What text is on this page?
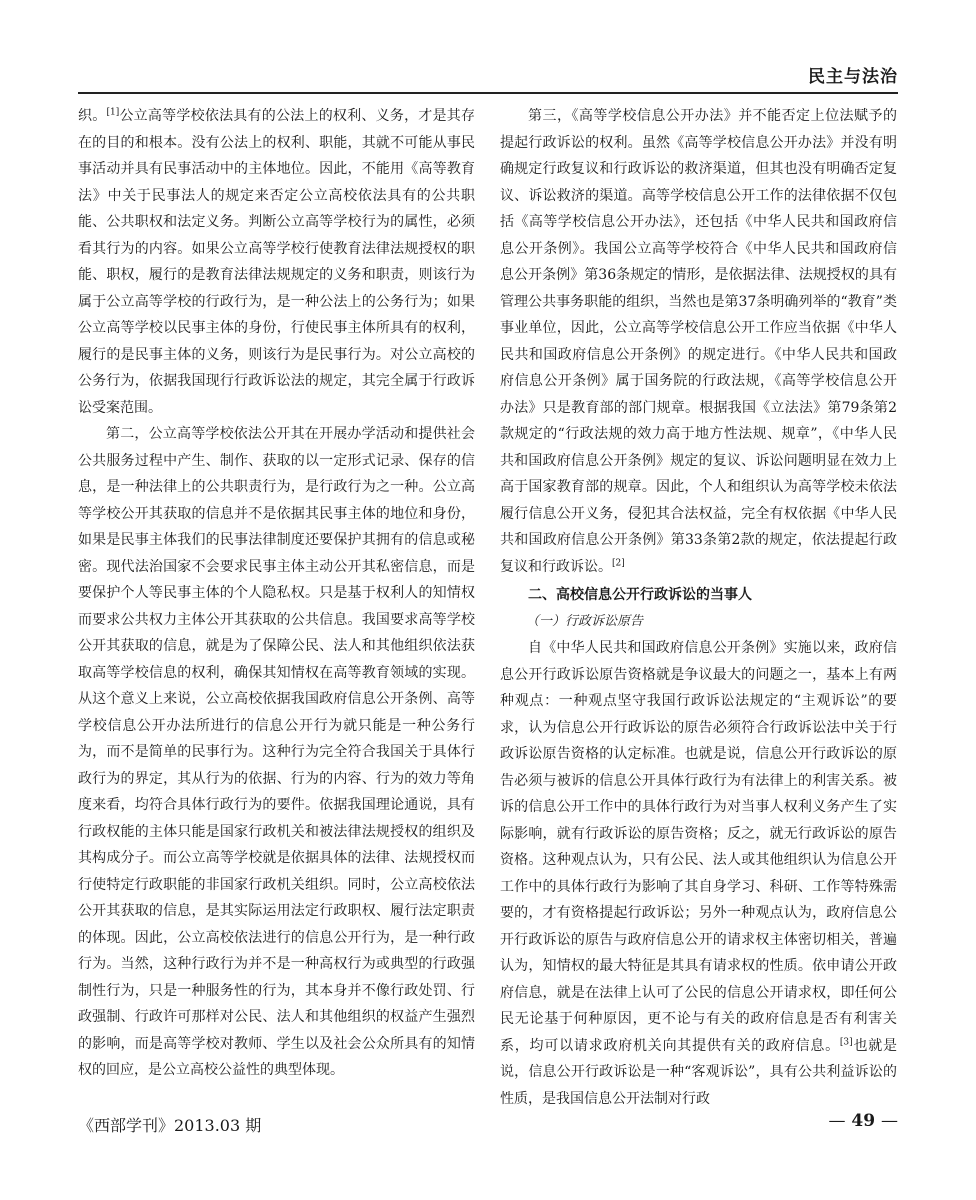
民主与法治

织。[1]公立高等学校依法具有的公法上的权利、义务，才是其存在的目的和根本。没有公法上的权利、职能，其就不可能从事民事活动并具有民事活动中的主体地位。因此，不能用《高等教育法》中关于民事法人的规定来否定公立高校依法具有的公共职能、公共职权和法定义务。判断公立高等学校行为的属性，必须看其行为的内容。如果公立高等学校行使教育法律法规授权的职能、职权，履行的是教育法律法规规定的义务和职责，则该行为属于公立高等学校的行政行为，是一种公法上的公务行为；如果公立高等学校以民事主体的身份，行使民事主体所具有的权利，履行的是民事主体的义务，则该行为是民事行为。对公立高校的公务行为，依据我国现行行政诉讼法的规定，其完全属于行政诉讼受案范围。

第二，公立高等学校依法公开其在开展办学活动和提供社会公共服务过程中产生、制作、获取的以一定形式记录、保存的信息，是一种法律上的公共职责行为，是行政行为之一种。公立高等学校公开其获取的信息并不是依据其民事主体的地位和身份，如果是民事主体我们的民事法律制度还要保护其拥有的信息或秘密。现代法治国家不会要求民事主体主动公开其私密信息，而是要保护个人等民事主体的个人隐私权。只是基于权利人的知情权而要求公共权力主体公开其获取的公共信息。我国要求高等学校公开其获取的信息，就是为了保障公民、法人和其他组织依法获取高等学校信息的权利，确保其知情权在高等教育领域的实现。从这个意义上来说，公立高校依据我国政府信息公开条例、高等学校信息公开办法所进行的信息公开行为就只能是一种公务行为，而不是简单的民事行为。这种行为完全符合我国关于具体行政行为的界定，其从行为的依据、行为的内容、行为的效力等角度来看，均符合具体行政行为的要件。依据我国理论通说，具有行政权能的主体只能是国家行政机关和被法律法规授权的组织及其构成分子。而公立高等学校就是依据具体的法律、法规授权而行使特定行政职能的非国家行政机关组织。同时，公立高校依法公开其获取的信息，是其实际运用法定行政职权、履行法定职责的体现。因此，公立高校依法进行的信息公开行为，是一种行政行为。当然，这种行政行为并不是一种高权行为或典型的行政强制性行为，只是一种服务性的行为，其本身并不像行政处罚、行政强制、行政许可那样对公民、法人和其他组织的权益产生强烈的影响，而是高等学校对教师、学生以及社会公众所具有的知情权的回应，是公立高校公益性的典型体现。

第三，《高等学校信息公开办法》并不能否定上位法赋予的提起行政诉讼的权利。虽然《高等学校信息公开办法》并没有明确规定行政复议和行政诉讼的救济渠道，但其也没有明确否定复议、诉讼救济的渠道。高等学校信息公开工作的法律依据不仅包括《高等学校信息公开办法》，还包括《中华人民共和国政府信息公开条例》。我国公立高等学校符合《中华人民共和国政府信息公开条例》第36条规定的情形，是依据法律、法规授权的具有管理公共事务职能的组织，当然也是第37条明确列举的“教育”类事业单位，因此，公立高等学校信息公开工作应当依据《中华人民共和国政府信息公开条例》的规定进行。《中华人民共和国政府信息公开条例》属于国务院的行政法规，《高等学校信息公开办法》只是教育部的部门规章。根据我国《立法法》第79条第2款规定的“行政法规的效力高于地方性法规、规章”，《中华人民共和国政府信息公开条例》规定的复议、诉讼问题明显在效力上高于国家教育部的规章。因此，个人和组织认为高等学校未依法履行信息公开义务，侵犯其合法权益，完全有权依据《中华人民共和国政府信息公开条例》第33条第2款的规定，依法提起行政复议和行政诉讼。[2]

二、高校信息公开行政诉讼的当事人
（一）行政诉讼原告

自《中华人民共和国政府信息公开条例》实施以来，政府信息公开行政诉讼原告资格就是争议最大的问题之一，基本上有两种观点：一种观点坚守我国行政诉讼法规定的“主观诉讼”的要求，认为信息公开行政诉讼的原告必须符合行政诉讼法中关于行政诉讼原告资格的认定标准。也就是说，信息公开行政诉讼的原告必须与被诉的信息公开具体行政行为有法律上的利害关系。被诉的信息公开工作中的具体行政行为对当事人权利义务产生了实际影响，就有行政诉讼的原告资格；反之，就无行政诉讼的原告资格。这种观点认为，只有公民、法人或其他组织认为信息公开工作中的具体行政行为影响了其自身学习、科研、工作等特殊需要的，才有资格提起行政诉讼；另外一种观点认为，政府信息公开行政诉讼的原告与政府信息公开的请求权主体密切相关，普遍认为，知情权的最大特征是其具有请求权的性质。依申请公开政府信息，就是在法律上认可了公民的信息公开请求权，即任何公民无论基于何种原因，更不论与有关的政府信息是否有利害关系，均可以请求政府机关向其提供有关的政府信息。[3]也就是说，信息公开行政诉讼是一种“客观诉讼”，具有公共利益诉讼的性质，是我国信息公开法制对行政

《西部学刊》2013.03 期	— 49 —
